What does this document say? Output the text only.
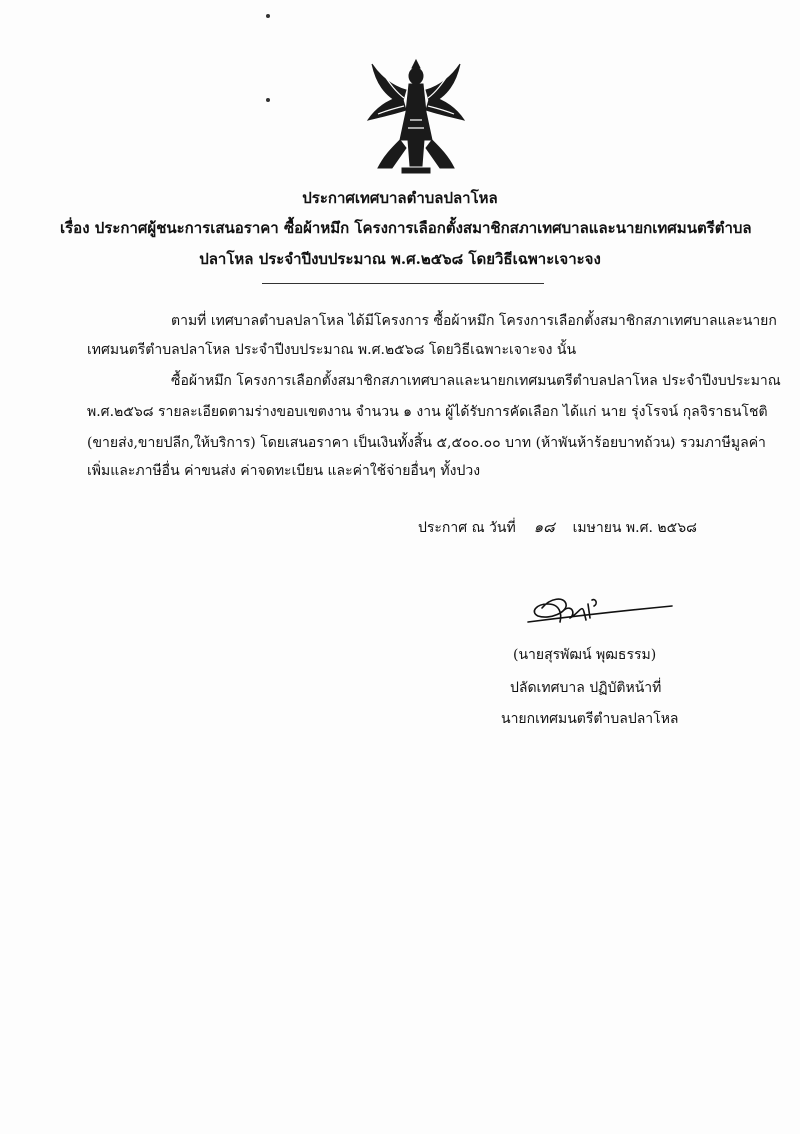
ประกาศเทศบาลตำบลปลาโหล
เรื่อง ประกาศผู้ชนะการเสนอราคา ซื้อผ้าหมึก โครงการเลือกตั้งสมาชิกสภาเทศบาลและนายกเทศมนตรีตำบล
ปลาโหล ประจำปีงบประมาณ พ.ศ.๒๕๖๘ โดยวิธีเฉพาะเจาะจง
ตามที่ เทศบาลตำบลปลาโหล ได้มีโครงการ ซื้อผ้าหมึก โครงการเลือกตั้งสมาชิกสภาเทศบาลและนายก
เทศมนตรีตำบลปลาโหล ประจำปีงบประมาณ พ.ศ.๒๕๖๘ โดยวิธีเฉพาะเจาะจง นั้น
ซื้อผ้าหมึก โครงการเลือกตั้งสมาชิกสภาเทศบาลและนายกเทศมนตรีตำบลปลาโหล ประจำปีงบประมาณ
พ.ศ.๒๕๖๘ รายละเอียดตามร่างขอบเขตงาน จำนวน ๑ งาน ผู้ได้รับการคัดเลือก ได้แก่ นาย รุ่งโรจน์ กุลจิราธนโชติ
(ขายส่ง,ขายปลีก,ให้บริการ) โดยเสนอราคา เป็นเงินทั้งสิ้น ๕,๕๐๐.๐๐ บาท (ห้าพันห้าร้อยบาทถ้วน) รวมภาษีมูลค่า
เพิ่มและภาษีอื่น ค่าขนส่ง ค่าจดทะเบียน และค่าใช้จ่ายอื่นๆ ทั้งปวง
ประกาศ ณ วันที่ ๑๘ เมษายน พ.ศ. ๒๕๖๘
(นายสุรพัฒน์ พุฒธรรม)
ปลัดเทศบาล ปฏิบัติหน้าที่
นายกเทศมนตรีตำบลปลาโหล
